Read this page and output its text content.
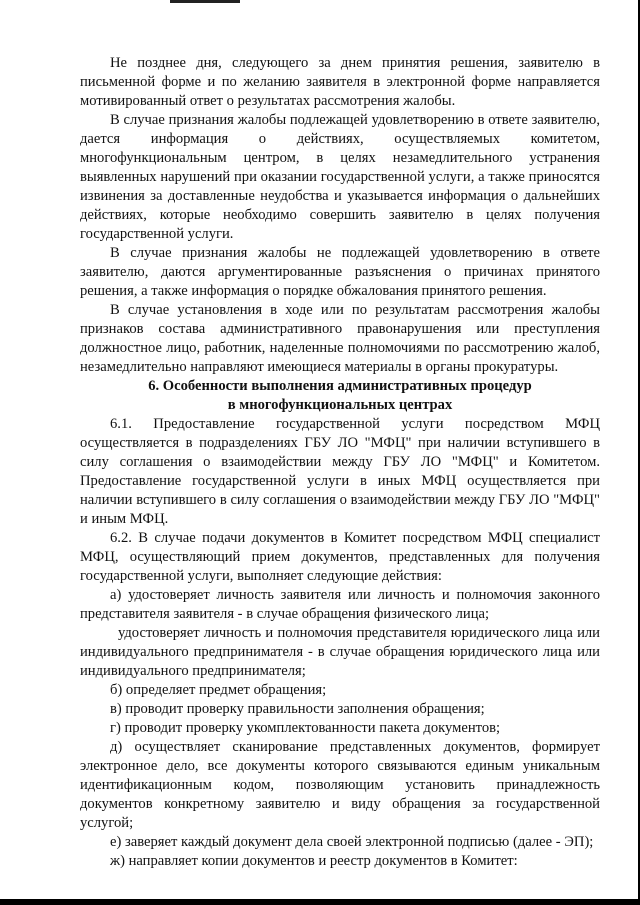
Не позднее дня, следующего за днем принятия решения, заявителю в письменной форме и по желанию заявителя в электронной форме направляется мотивированный ответ о результатах рассмотрения жалобы.

В случае признания жалобы подлежащей удовлетворению в ответе заявителю, дается информация о действиях, осуществляемых комитетом, многофункциональным центром, в целях незамедлительного устранения выявленных нарушений при оказании государственной услуги, а также приносятся извинения за доставленные неудобства и указывается информация о дальнейших действиях, которые необходимо совершить заявителю в целях получения государственной услуги.

В случае признания жалобы не подлежащей удовлетворению в ответе заявителю, даются аргументированные разъяснения о причинах принятого решения, а также информация о порядке обжалования принятого решения.

В случае установления в ходе или по результатам рассмотрения жалобы признаков состава административного правонарушения или преступления должностное лицо, работник, наделенные полномочиями по рассмотрению жалоб, незамедлительно направляют имеющиеся материалы в органы прокуратуры.

6. Особенности выполнения административных процедур
в многофункциональных центрах

6.1. Предоставление государственной услуги посредством МФЦ осуществляется в подразделениях ГБУ ЛО "МФЦ" при наличии вступившего в силу соглашения о взаимодействии между ГБУ ЛО "МФЦ" и Комитетом. Предоставление государственной услуги в иных МФЦ осуществляется при наличии вступившего в силу соглашения о взаимодействии между ГБУ ЛО "МФЦ" и иным МФЦ.

6.2. В случае подачи документов в Комитет посредством МФЦ специалист МФЦ, осуществляющий прием документов, представленных для получения государственной услуги, выполняет следующие действия:

а) удостоверяет личность заявителя или личность и полномочия законного представителя заявителя - в случае обращения физического лица;

удостоверяет личность и полномочия представителя юридического лица или индивидуального предпринимателя - в случае обращения юридического лица или индивидуального предпринимателя;

б) определяет предмет обращения;

в) проводит проверку правильности заполнения обращения;

г) проводит проверку укомплектованности пакета документов;

д) осуществляет сканирование представленных документов, формирует электронное дело, все документы которого связываются единым уникальным идентификационным кодом, позволяющим установить принадлежность документов конкретному заявителю и виду обращения за государственной услугой;

е) заверяет каждый документ дела своей электронной подписью (далее - ЭП);

ж) направляет копии документов и реестр документов в Комитет:
